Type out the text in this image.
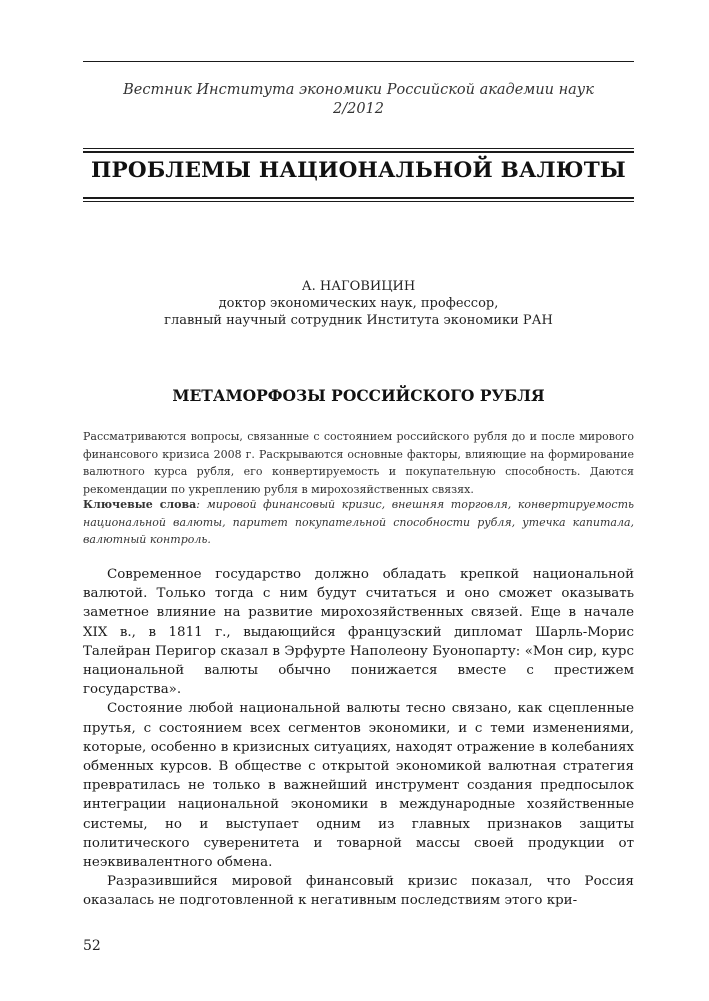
Вестник Института экономики Российской академии наук
2/2012
ПРОБЛЕМЫ НАЦИОНАЛЬНОЙ ВАЛЮТЫ
А. НАГОВИЦИН
доктор экономических наук, профессор,
главный научный сотрудник Института экономики РАН
МЕТАМОРФОЗЫ РОССИЙСКОГО РУБЛЯ
Рассматриваются вопросы, связанные с состоянием российского рубля до и после мирового финансового кризиса 2008 г. Раскрываются основные факторы, влияющие на формирование валютного курса рубля, его конвертируемость и покупательную способность. Даются рекомендации по укреплению рубля в мирохозяйственных связях.
Ключевые слова: мировой финансовый кризис, внешняя торговля, конвертируемость национальной валюты, паритет покупательной способности рубля, утечка капитала, валютный контроль.

Современное государство должно обладать крепкой национальной валютой. Только тогда с ним будут считаться и оно сможет оказывать заметное влияние на развитие мирохозяйственных связей. Еще в начале XIX в., в 1811 г., выдающийся французский дипломат Шарль-Морис Талейран Перигор сказал в Эрфурте Наполеону Буонопарту: «Мон сир, курс национальной валюты обычно понижается вместе с престижем государства».

Состояние любой национальной валюты тесно связано, как сцепленные прутья, с состоянием всех сегментов экономики, и с теми изменениями, которые, особенно в кризисных ситуациях, находят отражение в колебаниях обменных курсов. В обществе с открытой экономикой валютная стратегия превратилась не только в важнейший инструмент создания предпосылок интеграции национальной экономики в международные хозяйственные системы, но и выступает одним из главных признаков защиты политического суверенитета и товарной массы своей продукции от неэквивалентного обмена.

Разразившийся мировой финансовый кризис показал, что Россия оказалась не подготовленной к негативным последствиям этого кри-

52
